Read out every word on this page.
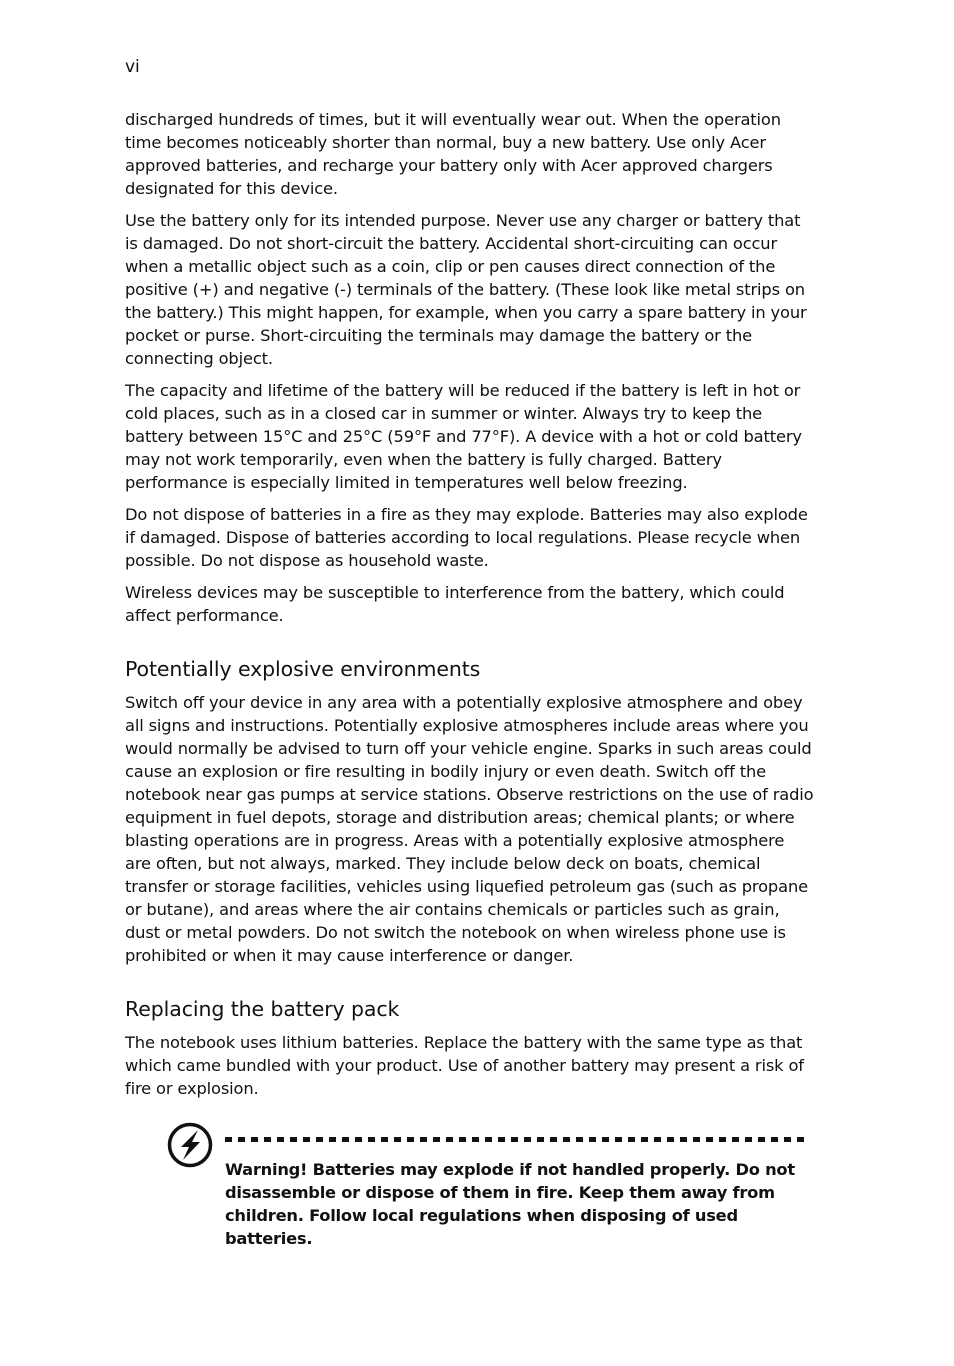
vi

discharged hundreds of times, but it will eventually wear out. When the operation time becomes noticeably shorter than normal, buy a new battery. Use only Acer approved batteries, and recharge your battery only with Acer approved chargers designated for this device.

Use the battery only for its intended purpose. Never use any charger or battery that is damaged. Do not short-circuit the battery. Accidental short-circuiting can occur when a metallic object such as a coin, clip or pen causes direct connection of the positive (+) and negative (-) terminals of the battery. (These look like metal strips on the battery.) This might happen, for example, when you carry a spare battery in your pocket or purse. Short-circuiting the terminals may damage the battery or the connecting object.

The capacity and lifetime of the battery will be reduced if the battery is left in hot or cold places, such as in a closed car in summer or winter. Always try to keep the battery between 15°C and 25°C (59°F and 77°F). A device with a hot or cold battery may not work temporarily, even when the battery is fully charged. Battery performance is especially limited in temperatures well below freezing.

Do not dispose of batteries in a fire as they may explode. Batteries may also explode if damaged. Dispose of batteries according to local regulations. Please recycle when possible. Do not dispose as household waste.

Wireless devices may be susceptible to interference from the battery, which could affect performance.

Potentially explosive environments

Switch off your device in any area with a potentially explosive atmosphere and obey all signs and instructions. Potentially explosive atmospheres include areas where you would normally be advised to turn off your vehicle engine. Sparks in such areas could cause an explosion or fire resulting in bodily injury or even death. Switch off the notebook near gas pumps at service stations. Observe restrictions on the use of radio equipment in fuel depots, storage and distribution areas; chemical plants; or where blasting operations are in progress. Areas with a potentially explosive atmosphere are often, but not always, marked. They include below deck on boats, chemical transfer or storage facilities, vehicles using liquefied petroleum gas (such as propane or butane), and areas where the air contains chemicals or particles such as grain, dust or metal powders. Do not switch the notebook on when wireless phone use is prohibited or when it may cause interference or danger.

Replacing the battery pack

The notebook uses lithium batteries. Replace the battery with the same type as that which came bundled with your product. Use of another battery may present a risk of fire or explosion.

Warning! Batteries may explode if not handled properly. Do not disassemble or dispose of them in fire. Keep them away from children. Follow local regulations when disposing of used batteries.
